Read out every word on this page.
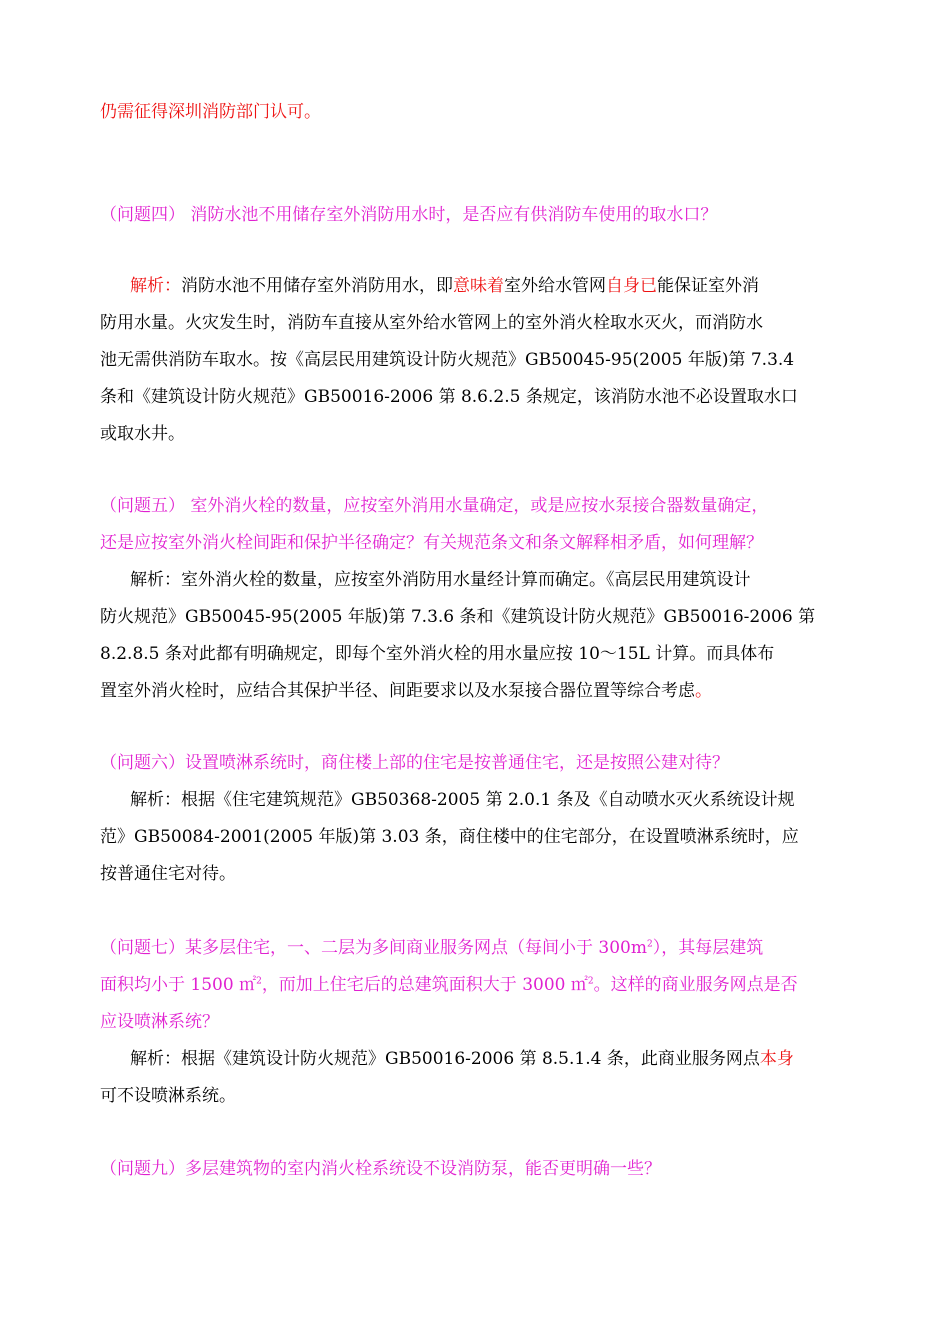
仍需征得深圳消防部门认可。
（问题四） 消防水池不用储存室外消防用水时，是否应有供消防车使用的取水口？
解析：消防水池不用储存室外消防用水，即意味着室外给水管网自身已能保证室外消
防用水量。火灾发生时，消防车直接从室外给水管网上的室外消火栓取水灭火，而消防水
池无需供消防车取水。按《高层民用建筑设计防火规范》GB50045-95(2005 年版)第 7.3.4
条和《建筑设计防火规范》GB50016-2006 第 8.6.2.5 条规定，该消防水池不必设置取水口
或取水井。
（问题五） 室外消火栓的数量，应按室外消用水量确定，或是应按水泵接合器数量确定，
还是应按室外消火栓间距和保护半径确定？有关规范条文和条文解释相矛盾，如何理解？
解析：室外消火栓的数量，应按室外消防用水量经计算而确定。《高层民用建筑设计
防火规范》GB50045-95(2005 年版)第 7.3.6 条和《建筑设计防火规范》GB50016-2006 第
8.2.8.5 条对此都有明确规定，即每个室外消火栓的用水量应按 10～15L 计算。而具体布
置室外消火栓时，应结合其保护半径、间距要求以及水泵接合器位置等综合考虑。
（问题六）设置喷淋系统时，商住楼上部的住宅是按普通住宅，还是按照公建对待？
解析：根据《住宅建筑规范》GB50368-2005 第 2.0.1 条及《自动喷水灭火系统设计规
范》GB50084-2001(2005 年版)第 3.03 条，商住楼中的住宅部分，在设置喷淋系统时，应
按普通住宅对待。
（问题七）某多层住宅，一、二层为多间商业服务网点（每间小于 $300m^2$），其每层建筑
面积均小于 1500 ㎡$^2$，而加上住宅后的总建筑面积大于 3000 ㎡$^2$。这样的商业服务网点是否
应设喷淋系统？
解析：根据《建筑设计防火规范》GB50016-2006 第 8.5.1.4 条，此商业服务网点本身
可不设喷淋系统。
（问题九）多层建筑物的室内消火栓系统设不设消防泵，能否更明确一些？
